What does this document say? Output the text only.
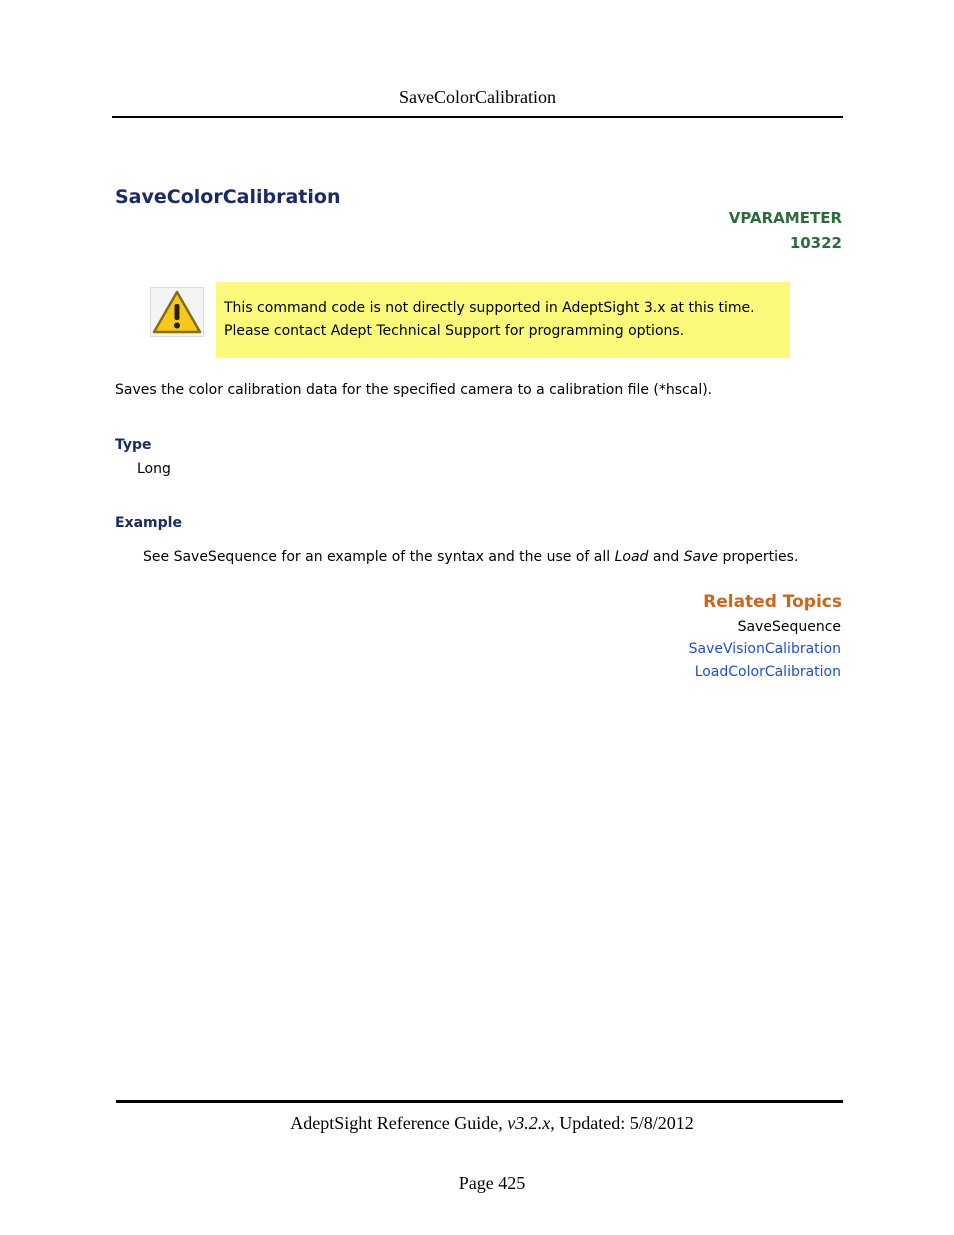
SaveColorCalibration
SaveColorCalibration
VPARAMETER
10322
This command code is not directly supported in AdeptSight 3.x at this time. Please contact Adept Technical Support for programming options.
Saves the color calibration data for the specified camera to a calibration file (*hscal).
Type
Long
Example
See SaveSequence for an example of the syntax and the use of all Load and Save properties.
Related Topics
SaveSequence
SaveVisionCalibration
LoadColorCalibration
AdeptSight Reference Guide, v3.2.x, Updated: 5/8/2012
Page 425
